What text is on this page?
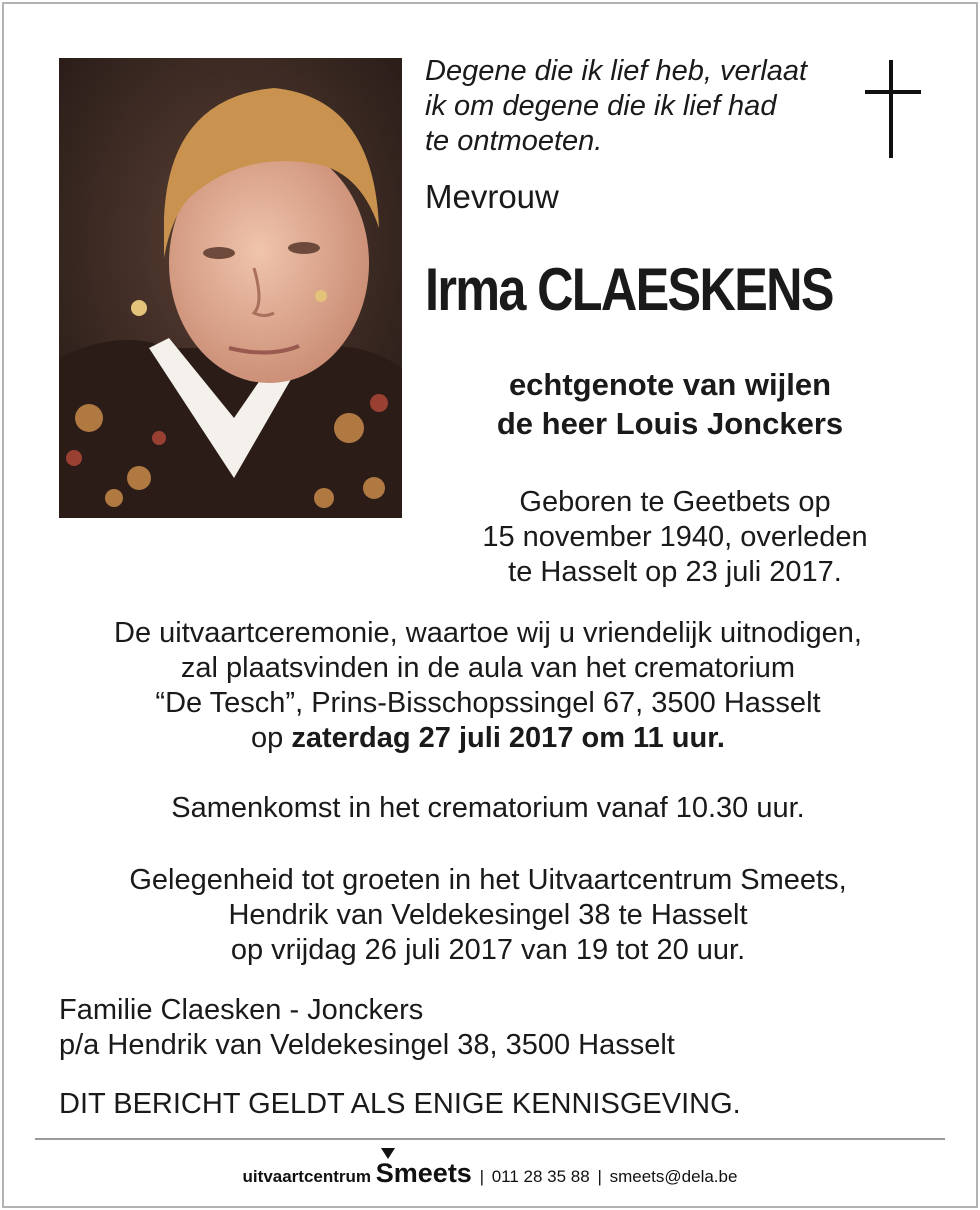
Degene die ik lief heb, verlaat
ik om degene die ik lief had
te ontmoeten.
Mevrouw
Irma CLAESKENS
echtgenote van wijlen
de heer Louis Jonckers
Geboren te Geetbets op
15 november 1940, overleden
te Hasselt op 23 juli 2017.
De uitvaartceremonie, waartoe wij u vriendelijk uitnodigen,
zal plaatsvinden in de aula van het crematorium
“De Tesch”, Prins-Bisschopssingel 67, 3500 Hasselt
op zaterdag 27 juli 2017 om 11 uur.
Samenkomst in het crematorium vanaf 10.30 uur.
Gelegenheid tot groeten in het Uitvaartcentrum Smeets,
Hendrik van Veldekesingel 38 te Hasselt
op vrijdag 26 juli 2017 van 19 tot 20 uur.
Familie Claesken - Jonckers
p/a Hendrik van Veldekesingel 38, 3500 Hasselt
DIT BERICHT GELDT ALS ENIGE KENNISGEVING.
uitvaartcentrum Smeets | 011 28 35 88 | smeets@dela.be
